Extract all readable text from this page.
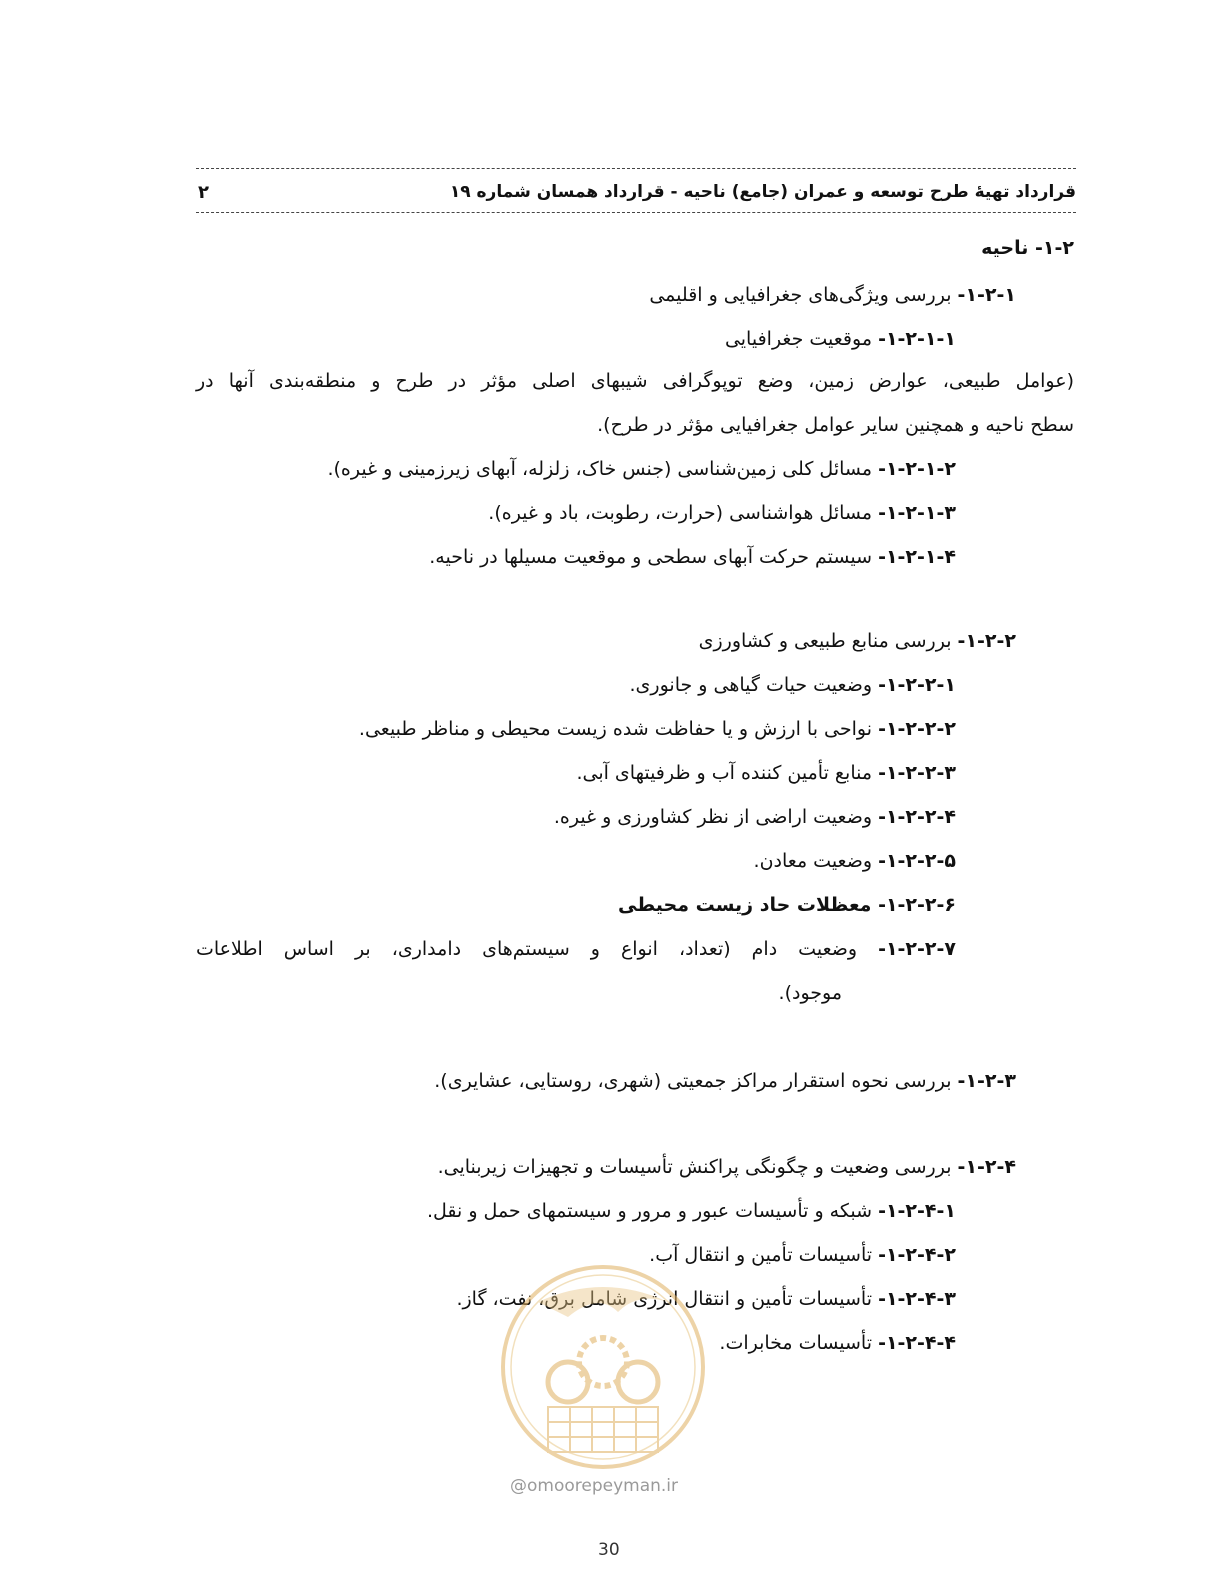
قرارداد تهیهٔ طرح توسعه و عمران (جامع) ناحیه - قرارداد همسان شماره ۱۹
۲
۱-۲- ناحیه
۱-۲-۱- بررسی ویژگی‌های جغرافیایی و اقلیمی
۱-۲-۱-۱- موقعیت جغرافیایی
(عوامل طبیعی، عوارض زمین، وضع توپوگرافی شیبهای اصلی مؤثر در طرح و منطقه‌بندی آنها در
سطح ناحیه و همچنین سایر عوامل جغرافیایی مؤثر در طرح).
۱-۲-۱-۲- مسائل کلی زمین‌شناسی (جنس خاک، زلزله، آبهای زیرزمینی و غیره).
۱-۲-۱-۳- مسائل هواشناسی (حرارت، رطوبت، باد و غیره).
۱-۲-۱-۴- سیستم حرکت آبهای سطحی و موقعیت مسیلها در ناحیه.
۱-۲-۲- بررسی منابع طبیعی و کشاورزی
۱-۲-۲-۱- وضعیت حیات گیاهی و جانوری.
۱-۲-۲-۲- نواحی با ارزش و یا حفاظت شده زیست محیطی و مناظر طبیعی.
۱-۲-۲-۳- منابع تأمین کننده آب و ظرفیتهای آبی.
۱-۲-۲-۴- وضعیت اراضی از نظر کشاورزی و غیره.
۱-۲-۲-۵- وضعیت معادن.
۱-۲-۲-۶- معظلات حاد زیست محیطی
۱-۲-۲-۷- وضعیت دام (تعداد، انواع و سیستم‌های دامداری، بر اساس اطلاعات
موجود).
۱-۲-۳- بررسی نحوه استقرار مراکز جمعیتی (شهری، روستایی، عشایری).
۱-۲-۴- بررسی وضعیت و چگونگی پراکنش تأسیسات و تجهیزات زیربنایی.
۱-۲-۴-۱- شبکه و تأسیسات عبور و مرور و سیستمهای حمل و نقل.
۱-۲-۴-۲- تأسیسات تأمین و انتقال آب.
۱-۲-۴-۳- تأسیسات تأمین و انتقال انرژی شامل برق، نفت، گاز.
۱-۲-۴-۴- تأسیسات مخابرات.
@omoorepeyman.ir
30
